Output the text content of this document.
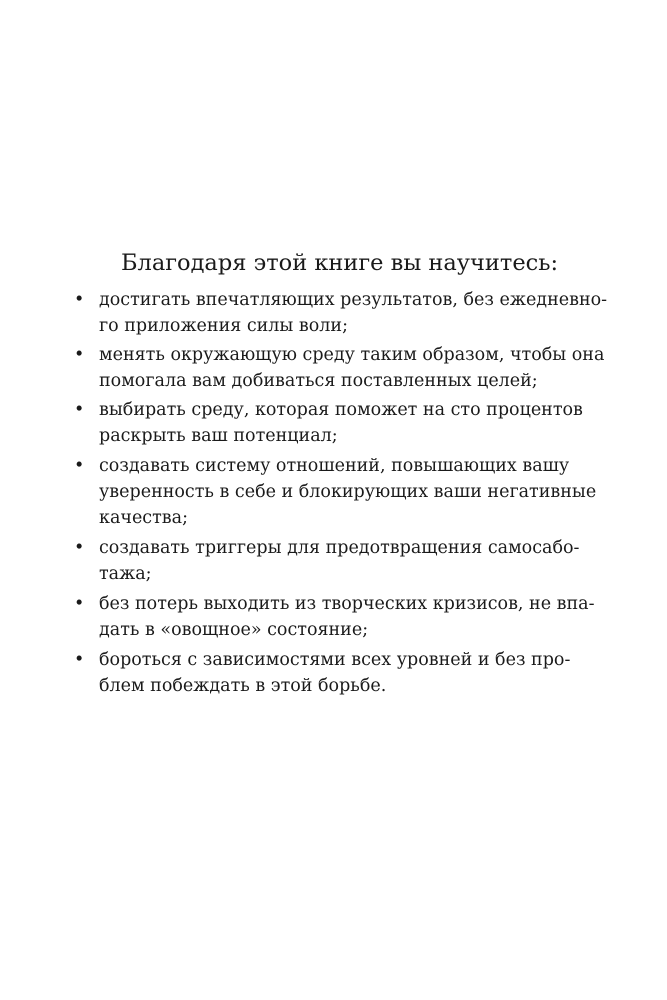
Благодаря этой книге вы научитесь:
• достигать впечатляющих результатов, без ежедневно-
го приложения силы воли;
• менять окружающую среду таким образом, чтобы она
помогала вам добиваться поставленных целей;
• выбирать среду, которая поможет на сто процентов
раскрыть ваш потенциал;
• создавать систему отношений, повышающих вашу
уверенность в себе и блокирующих ваши негативные
качества;
• создавать триггеры для предотвращения самосабо-
тажа;
• без потерь выходить из творческих кризисов, не впа-
дать в «овощное» состояние;
• бороться с зависимостями всех уровней и без про-
блем побеждать в этой борьбе.
